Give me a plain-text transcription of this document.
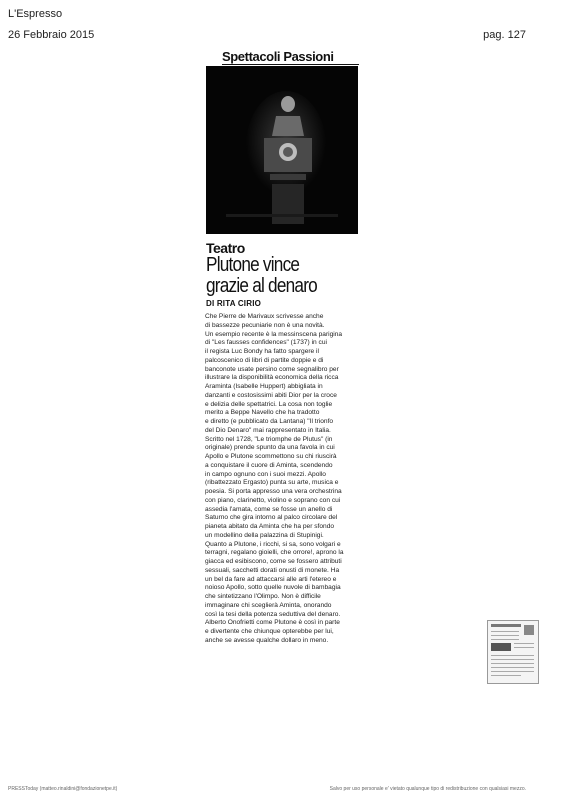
L'Espresso
26 Febbraio 2015	pag. 127
Spettacoli Passioni
Teatro
Plutone vince
grazie al denaro
DI RITA CIRIO
Che Pierre de Marivaux scrivesse anche
di bassezze pecuniarie non è una novità.
Un esempio recente è la messinscena parigina
di "Les fausses confidences" (1737) in cui
il regista Luc Bondy ha fatto spargere il
palcoscenico di libri di partite doppie e di
banconote usate persino come segnalibro per
illustrare la disponibilità economica della ricca
Araminta (Isabelle Huppert) abbigliata in
danzanti e costosissimi abiti Dior per la croce
e delizia delle spettatrici. La cosa non toglie
merito a Beppe Navello che ha tradotto
e diretto (e pubblicato da Lantana) "Il trionfo
del Dio Denaro" mai rappresentato in Italia.
Scritto nel 1728, "Le triomphe de Plutus" (in
originale) prende spunto da una favola in cui
Apollo e Plutone scommettono su chi riuscirà
a conquistare il cuore di Aminta, scendendo
in campo ognuno con i suoi mezzi. Apollo
(ribattezzato Ergasto) punta su arte, musica e
poesia. Si porta appresso una vera orchestrina
con piano, clarinetto, violino e soprano con cui
assedia l'amata, come se fosse un anello di
Saturno che gira intorno al palco circolare del
pianeta abitato da Aminta che ha per sfondo
un modellino della palazzina di Stupinigi.
Quanto a Plutone, i ricchi, si sa, sono volgari e
terragni, regalano gioielli, che orrore!, aprono la
giacca ed esibiscono, come se fossero attributi
sessuali, sacchetti dorati onusti di monete. Ha
un bel da fare ad attaccarsi alle arti l'etereo e
noioso Apollo, sotto quelle nuvole di bambagia
che sintetizzano l'Olimpo. Non è difficile
immaginare chi sceglierà Aminta, onorando
così la tesi della potenza seduttiva del denaro.
Alberto Onofrietti come Plutone è così in parte
e divertente che chiunque opterebbe per lui,
anche se avesse qualche dollaro in meno.
PRESSToday (matteo.rinaldini@fondazionetpe.it)	Salvo per uso personale e' vietato qualunque tipo di redistribuzione con qualsiasi mezzo.
